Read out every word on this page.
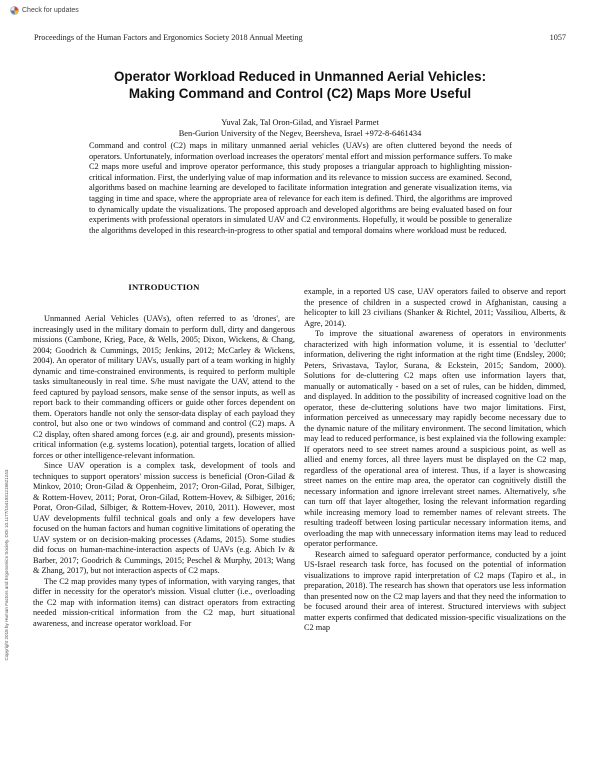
Check for updates
Proceedings of the Human Factors and Ergonomics Society 2018 Annual Meeting	1057
Operator Workload Reduced in Unmanned Aerial Vehicles:
Making Command and Control (C2) Maps More Useful
Yuval Zak, Tal Oron-Gilad, and Yisrael Parmet
Ben-Gurion University of the Negev, Beersheva, Israel +972-8-6461434
Command and control (C2) maps in military unmanned aerial vehicles (UAVs) are often cluttered beyond the needs of operators. Unfortunately, information overload increases the operators' mental effort and mission performance suffers. To make C2 maps more useful and improve operator performance, this study proposes a triangular approach to highlighting mission-critical information. First, the underlying value of map information and its relevance to mission success are examined. Second, algorithms based on machine learning are developed to facilitate information integration and generate visualization items, via tagging in time and space, where the appropriate area of relevance for each item is defined. Third, the algorithms are improved to dynamically update the visualizations. The proposed approach and developed algorithms are being evaluated based on four experiments with professional operators in simulated UAV and C2 environments. Hopefully, it would be possible to generalize the algorithms developed in this research-in-progress to other spatial and temporal domains where workload must be reduced.
INTRODUCTION

Unmanned Aerial Vehicles (UAVs), often referred to as 'drones', are increasingly used in the military domain to perform dull, dirty and dangerous missions (Cambone, Krieg, Pace, & Wells, 2005; Dixon, Wickens, & Chang, 2004; Goodrich & Cummings, 2015; Jenkins, 2012; McCarley & Wickens, 2004). An operator of military UAVs, usually part of a team working in highly dynamic and time-constrained environments, is required to perform multiple tasks simultaneously in real time. S/he must navigate the UAV, attend to the feed captured by payload sensors, make sense of the sensor inputs, as well as report back to their commanding officers or guide other forces dependent on them. Operators handle not only the sensor-data display of each payload they control, but also one or two windows of command and control (C2) maps. A C2 display, often shared among forces (e.g. air and ground), presents mission-critical information (e.g. systems location), potential targets, location of allied forces or other intelligence-relevant information.

Since UAV operation is a complex task, development of tools and techniques to support operators' mission success is beneficial (Oron-Gilad & Minkov, 2010; Oron-Gilad & Oppenheim, 2017; Oron-Gilad, Porat, Silbiger, & Rottem-Hovev, 2011; Porat, Oron-Gilad, Rottem-Hovev, & Silbiger, 2016; Porat, Oron-Gilad, Silbiger, & Rottem-Hovev, 2010, 2011). However, most UAV developments fulfil technical goals and only a few developers have focused on the human factors and human cognitive limitations of operating the UAV system or on decision-making processes (Adams, 2015). Some studies did focus on human-machine-interaction aspects of UAVs (e.g. Abich Iv & Barber, 2017; Goodrich & Cummings, 2015; Peschel & Murphy, 2013; Wang & Zhang, 2017), but not interaction aspects of C2 maps.

The C2 map provides many types of information, with varying ranges, that differ in necessity for the operator's mission. Visual clutter (i.e., overloading the C2 map with information items) can distract operators from extracting needed mission-critical information from the C2 map, hurt situational awareness, and increase operator workload. For

example, in a reported US case, UAV operators failed to observe and report the presence of children in a suspected crowd in Afghanistan, causing a helicopter to kill 23 civilians (Shanker & Richtel, 2011; Vassiliou, Alberts, & Agre, 2014).

To improve the situational awareness of operators in environments characterized with high information volume, it is essential to 'declutter' information, delivering the right information at the right time (Endsley, 2000; Peters, Srivastava, Taylor, Surana, & Eckstein, 2015; Sandom, 2000). Solutions for de-cluttering C2 maps often use information layers that, manually or automatically - based on a set of rules, can be hidden, dimmed, and displayed. In addition to the possibility of increased cognitive load on the operator, these de-cluttering solutions have two major limitations. First, information perceived as unnecessary may rapidly become necessary due to the dynamic nature of the military environment. The second limitation, which may lead to reduced performance, is best explained via the following example: If operators need to see street names around a suspicious point, as well as allied and enemy forces, all three layers must be displayed on the C2 map, regardless of the operational area of interest. Thus, if a layer is showcasing street names on the entire map area, the operator can cognitively distill the necessary information and ignore irrelevant street names. Alternatively, s/he can turn off that layer altogether, losing the relevant information regarding while increasing memory load to remember names of relevant streets. The resulting tradeoff between losing particular necessary information items, and overloading the map with unnecessary information items may lead to reduced operator performance.

Research aimed to safeguard operator performance, conducted by a joint US-Israel research task force, has focused on the potential of information visualizations to improve rapid interpretation of C2 maps (Tapiro et al., in preparation, 2018). The research has shown that operators use less information than presented now on the C2 map layers and that they need the information to be focused around their area of interest. Structured interviews with subject matter experts confirmed that dedicated mission-specific visualizations on the C2 map

Copyright 2018 by Human Factors and Ergonomics Society. DOI 10.1177/1541931218621243
